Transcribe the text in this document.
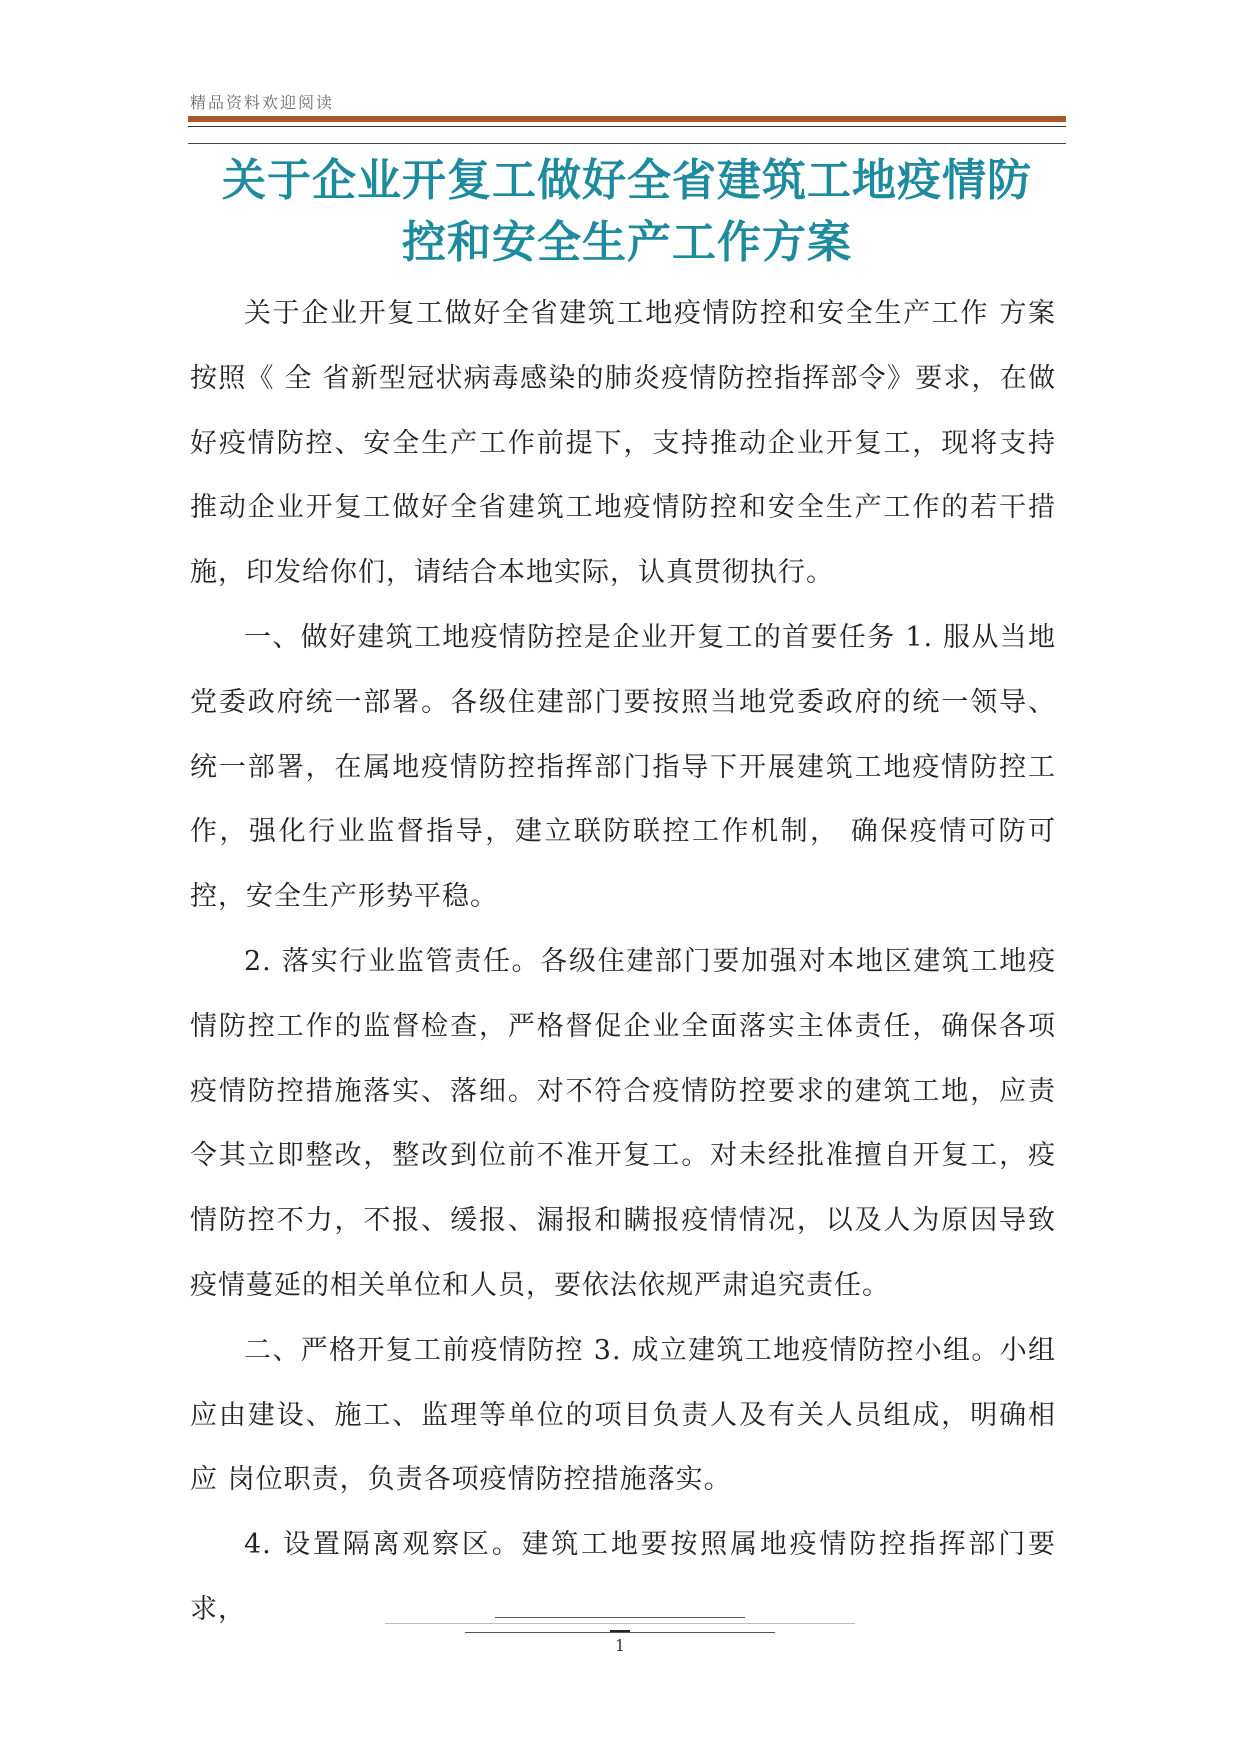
精品资料欢迎阅读
关于企业开复工做好全省建筑工地疫情防
控和安全生产工作方案

关于企业开复工做好全省建筑工地疫情防控和安全生产工作 方案 按照《 全 省新型冠状病毒感染的肺炎疫情防控指挥部令》要求，在做好疫情防控、安全生产工作前提下，支持推动企业开复工，现将支持推动企业开复工做好全省建筑工地疫情防控和安全生产工作的若干措施，印发给你们，请结合本地实际，认真贯彻执行。

一、做好建筑工地疫情防控是企业开复工的首要任务 1. 服从当地党委政府统一部署。各级住建部门要按照当地党委政府的统一领导、统一部署，在属地疫情防控指挥部门指导下开展建筑工地疫情防控工作，强化行业监督指导，建立联防联控工作机制， 确保疫情可防可控，安全生产形势平稳。

2. 落实行业监管责任。各级住建部门要加强对本地区建筑工地疫情防控工作的监督检查，严格督促企业全面落实主体责任，确保各项疫情防控措施落实、落细。对不符合疫情防控要求的建筑工地，应责令其立即整改，整改到位前不准开复工。对未经批准擅自开复工，疫情防控不力，不报、缓报、漏报和瞒报疫情情况，以及人为原因导致疫情蔓延的相关单位和人员，要依法依规严肃追究责任。

二、严格开复工前疫情防控 3. 成立建筑工地疫情防控小组。小组应由建设、施工、监理等单位的项目负责人及有关人员组成，明确相应 岗位职责，负责各项疫情防控措施落实。

4. 设置隔离观察区。建筑工地要按照属地疫情防控指挥部门要求，

1
